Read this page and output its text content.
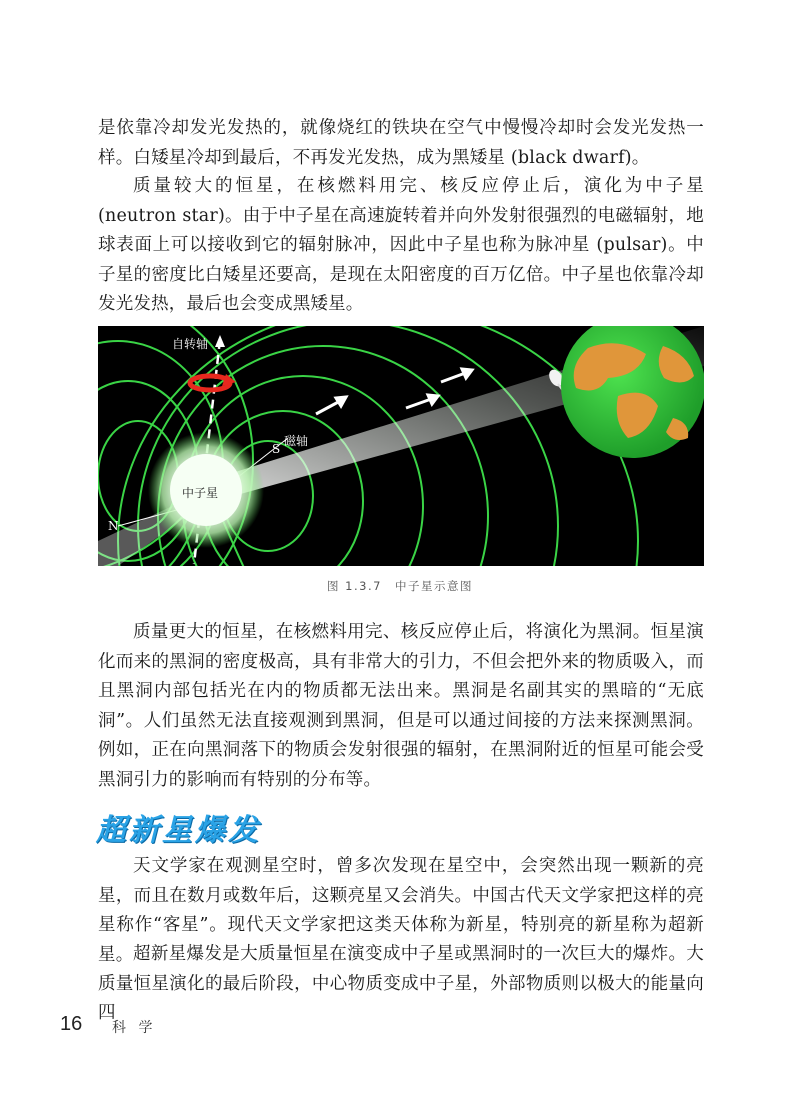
是依靠冷却发光发热的，就像烧红的铁块在空气中慢慢冷却时会发光发热一样。白矮星冷却到最后，不再发光发热，成为黑矮星 (black dwarf)。

质量较大的恒星，在核燃料用完、核反应停止后，演化为中子星 (neutron star)。由于中子星在高速旋转着并向外发射很强烈的电磁辐射，地球表面上可以接收到它的辐射脉冲，因此中子星也称为脉冲星 (pulsar)。中子星的密度比白矮星还要高，是现在太阳密度的百万亿倍。中子星也依靠冷却发光发热，最后也会变成黑矮星。

自转轴
磁轴
S
N
中子星
图 1.3.7　中子星示意图

质量更大的恒星，在核燃料用完、核反应停止后，将演化为黑洞。恒星演化而来的黑洞的密度极高，具有非常大的引力，不但会把外来的物质吸入，而且黑洞内部包括光在内的物质都无法出来。黑洞是名副其实的黑暗的“无底洞”。人们虽然无法直接观测到黑洞，但是可以通过间接的方法来探测黑洞。例如，正在向黑洞落下的物质会发射很强的辐射，在黑洞附近的恒星可能会受黑洞引力的影响而有特别的分布等。

超新星爆发

天文学家在观测星空时，曾多次发现在星空中，会突然出现一颗新的亮星，而且在数月或数年后，这颗亮星又会消失。中国古代天文学家把这样的亮星称作“客星”。现代天文学家把这类天体称为新星，特别亮的新星称为超新星。 超新星爆发是大质量恒星在演变成中子星或黑洞时的一次巨大的爆炸。大质量恒星演化的最后阶段，中心物质变成中子星，外部物质则以极大的能量向四

16 科 学
